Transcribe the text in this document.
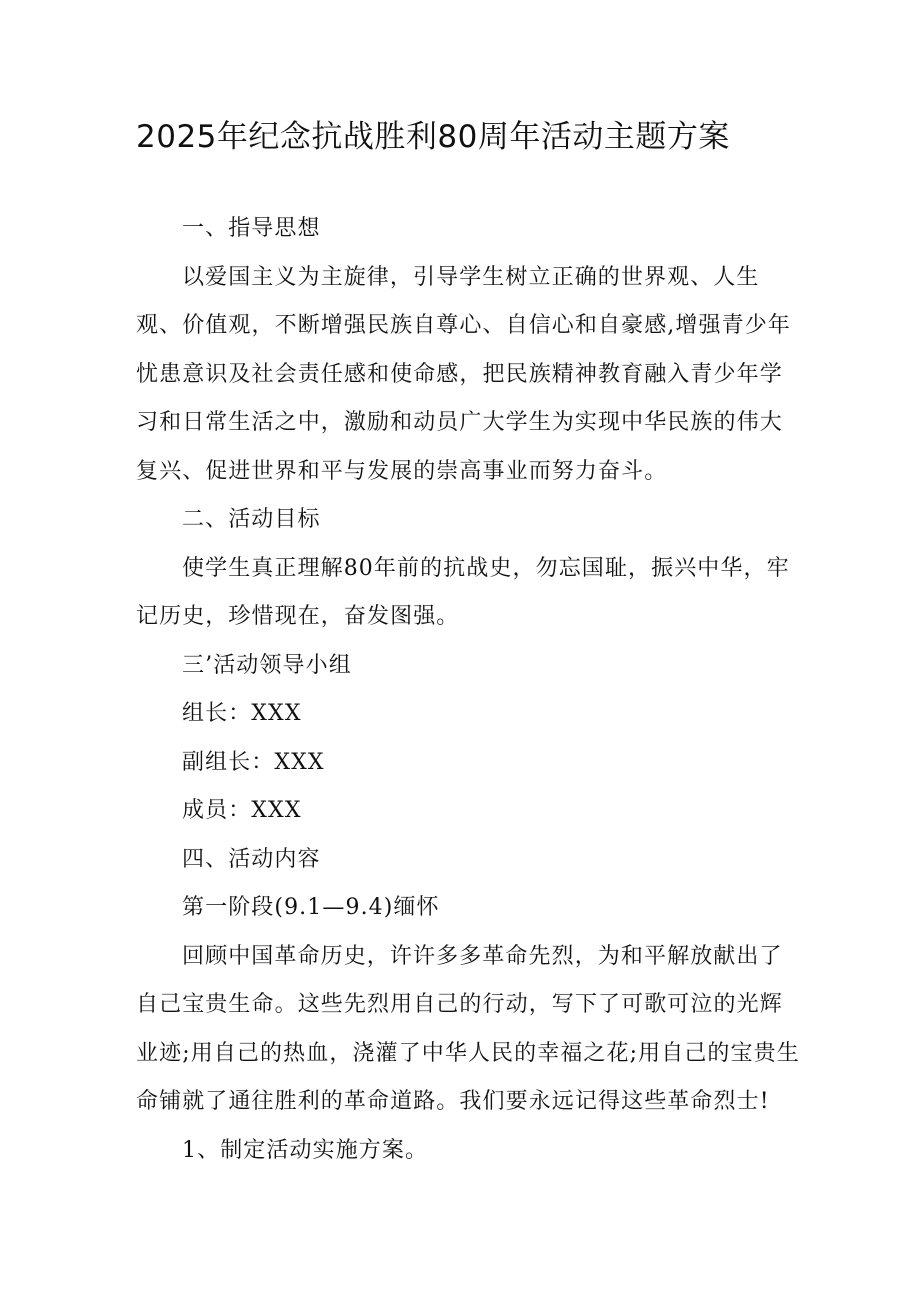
2025年纪念抗战胜利80周年活动主题方案

一、指导思想

以爱国主义为主旋律，引导学生树立正确的世界观、人生观、价值观，不断增强民族自尊心、自信心和自豪感,增强青少年忧患意识及社会责任感和使命感，把民族精神教育融入青少年学习和日常生活之中，激励和动员广大学生为实现中华民族的伟大复兴、促进世界和平与发展的崇高事业而努力奋斗。

二、活动目标

使学生真正理解80年前的抗战史，勿忘国耻，振兴中华，牢记历史，珍惜现在，奋发图强。

三’活动领导小组

组长：XXX

副组长：XXX

成员：XXX

四、活动内容

第一阶段(9.1—9.4)缅怀

回顾中国革命历史，许许多多革命先烈，为和平解放献出了自己宝贵生命。这些先烈用自己的行动，写下了可歌可泣的光辉业迹;用自己的热血，浇灌了中华人民的幸福之花;用自己的宝贵生命铺就了通往胜利的革命道路。我们要永远记得这些革命烈士!

1、制定活动实施方案。
